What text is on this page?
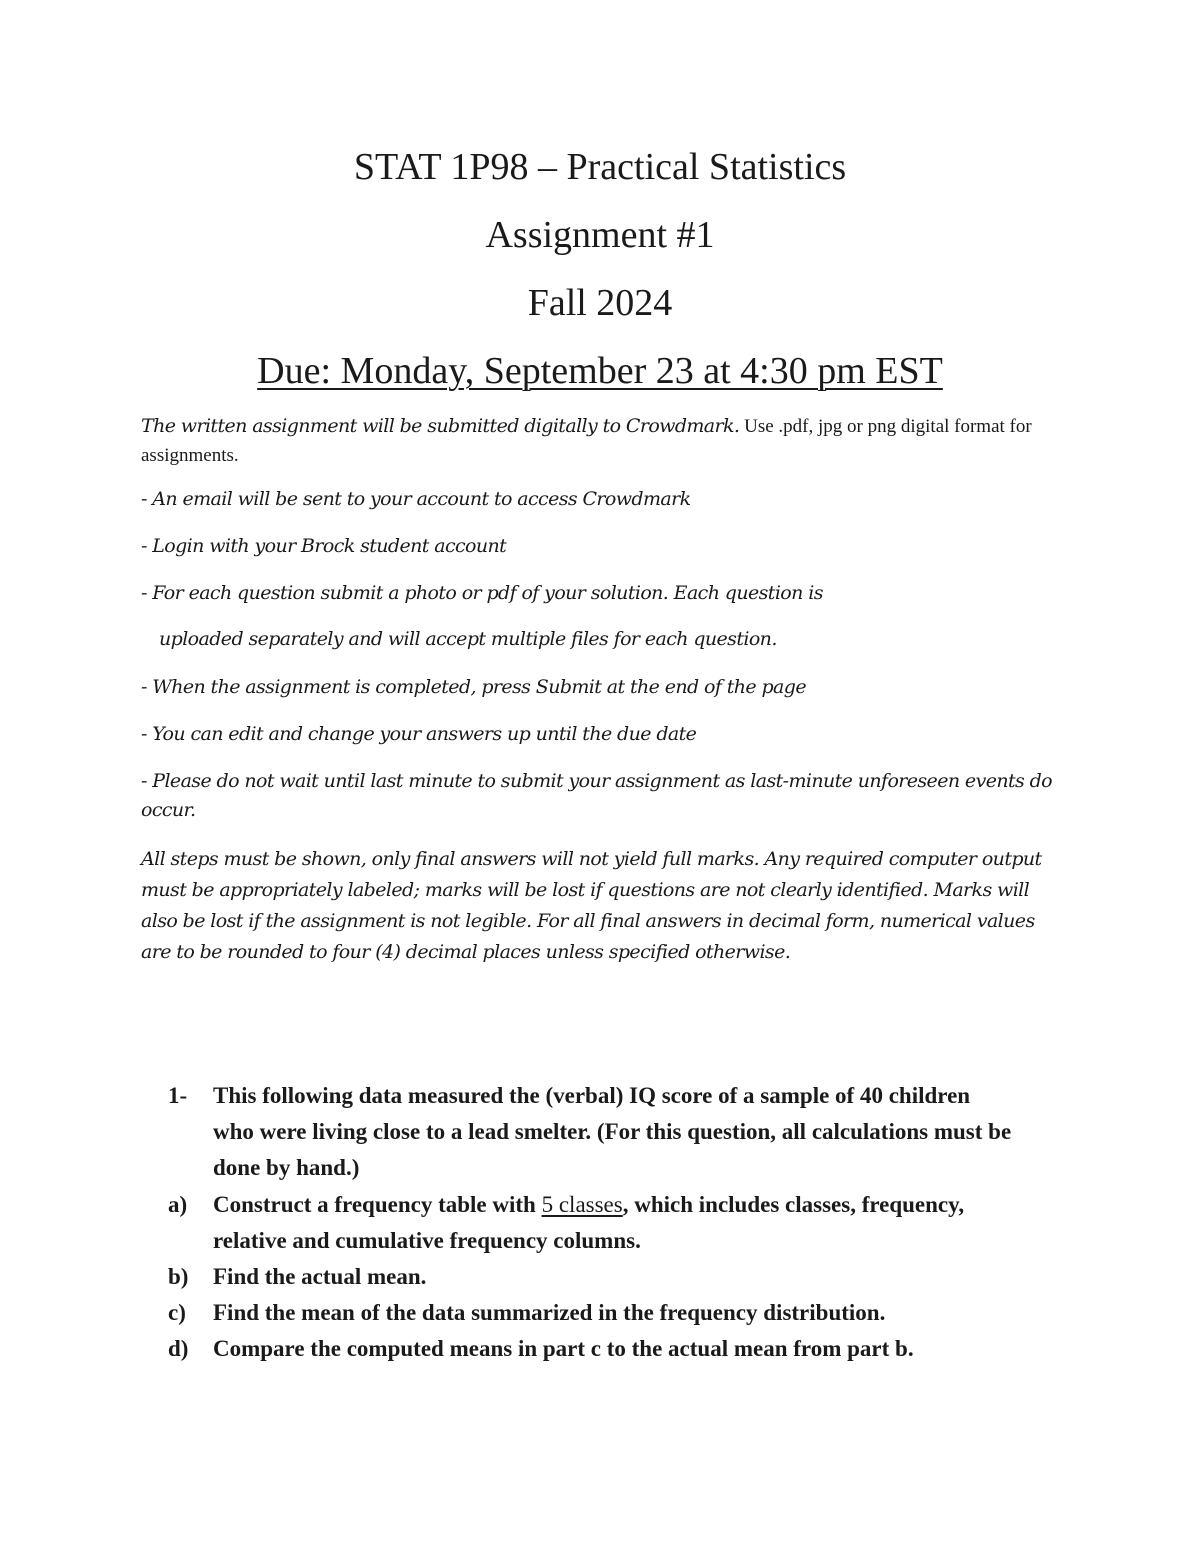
STAT 1P98 – Practical Statistics
Assignment #1
Fall 2024
Due: Monday, September 23 at 4:30 pm EST
The written assignment will be submitted digitally to Crowdmark. Use .pdf, jpg or png digital format for assignments.
- An email will be sent to your account to access Crowdmark
- Login with your Brock student account
- For each question submit a photo or pdf of your solution. Each question is
uploaded separately and will accept multiple files for each question.
- When the assignment is completed, press Submit at the end of the page
- You can edit and change your answers up until the due date
- Please do not wait until last minute to submit your assignment as last-minute unforeseen events do occur.
All steps must be shown, only final answers will not yield full marks. Any required computer output must be appropriately labeled; marks will be lost if questions are not clearly identified. Marks will also be lost if the assignment is not legible. For all final answers in decimal form, numerical values are to be rounded to four (4) decimal places unless specified otherwise.
1- This following data measured the (verbal) IQ score of a sample of 40 children who were living close to a lead smelter. (For this question, all calculations must be done by hand.)
a) Construct a frequency table with 5 classes, which includes classes, frequency, relative and cumulative frequency columns.
b) Find the actual mean.
c) Find the mean of the data summarized in the frequency distribution.
d) Compare the computed means in part c to the actual mean from part b.
